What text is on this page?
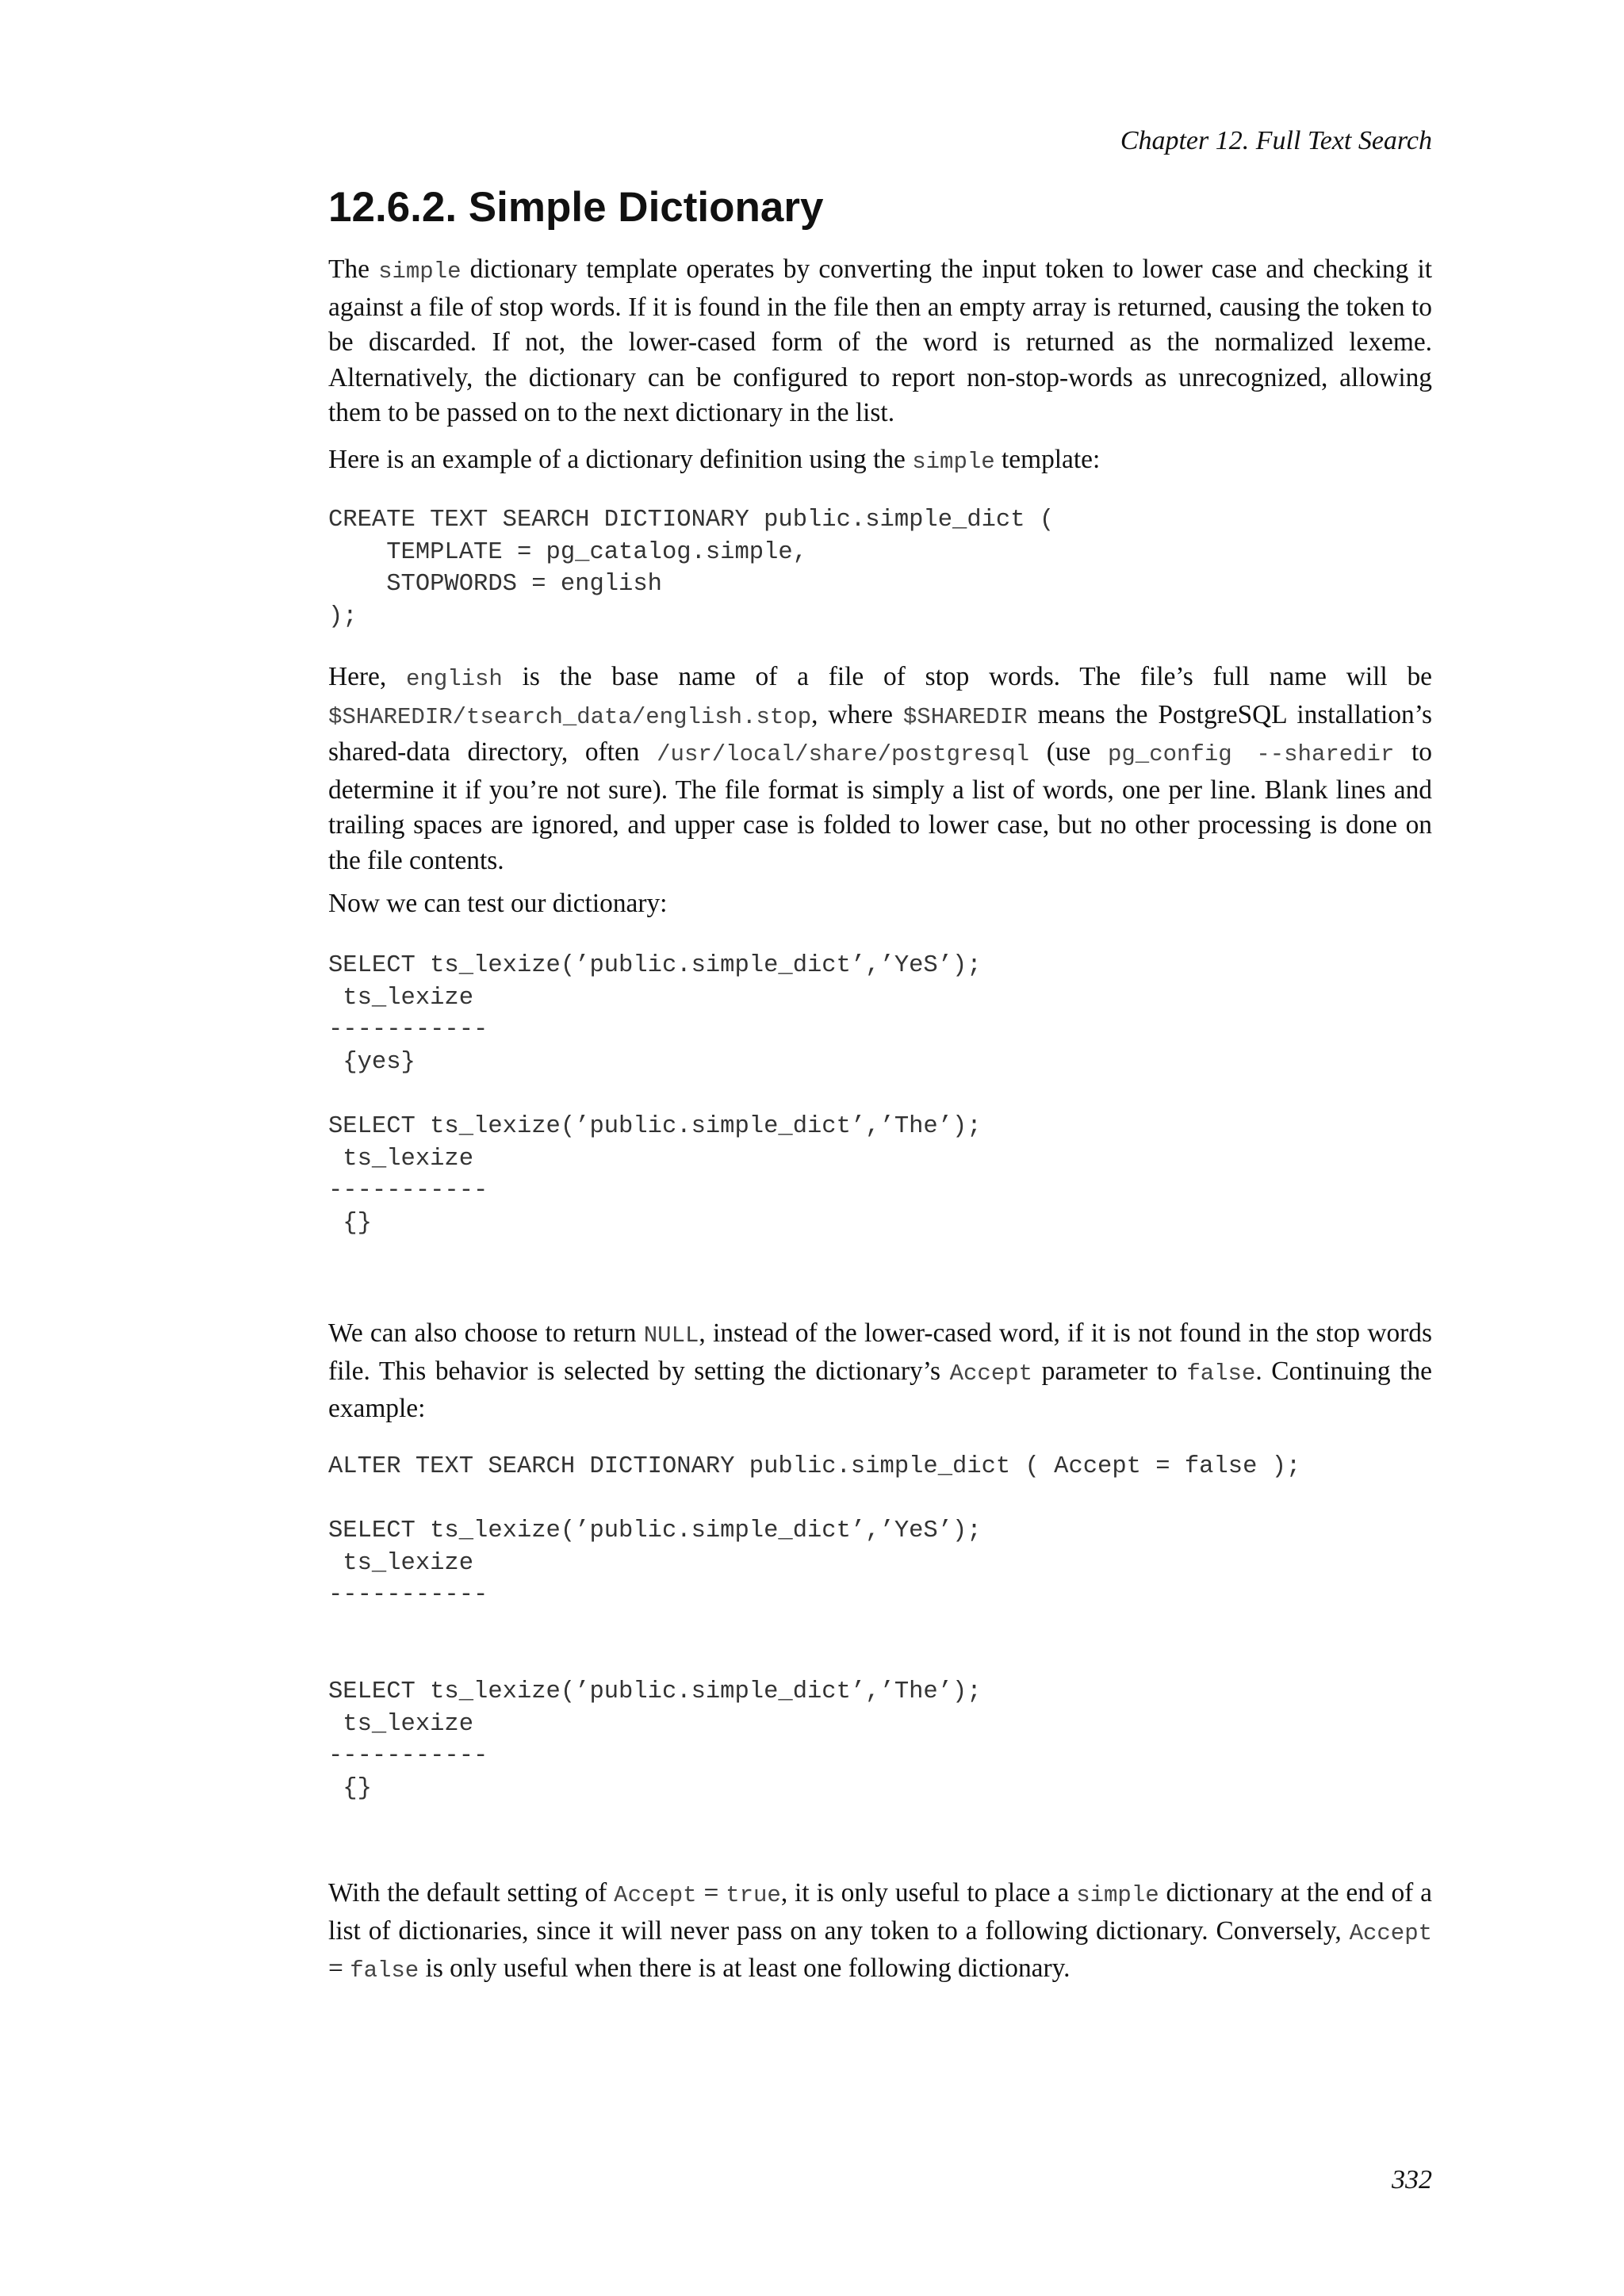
Chapter 12. Full Text Search
12.6.2. Simple Dictionary

The simple dictionary template operates by converting the input token to lower case and checking it against a file of stop words. If it is found in the file then an empty array is returned, causing the token to be discarded. If not, the lower-cased form of the word is returned as the normalized lexeme. Alternatively, the dictionary can be configured to report non-stop-words as unrecognized, allowing them to be passed on to the next dictionary in the list.

Here is an example of a dictionary definition using the simple template:

CREATE TEXT SEARCH DICTIONARY public.simple_dict (
TEMPLATE = pg_catalog.simple,
STOPWORDS = english
);

Here, english is the base name of a file of stop words. The file’s full name will be $SHAREDIR/tsearch_data/english.stop, where $SHAREDIR means the PostgreSQL installation’s shared-data directory, often /usr/local/share/postgresql (use pg_config --sharedir to determine it if you’re not sure). The file format is simply a list of words, one per line. Blank lines and trailing spaces are ignored, and upper case is folded to lower case, but no other processing is done on the file contents.

Now we can test our dictionary:

SELECT ts_lexize(’public.simple_dict’,’YeS’);
ts_lexize
-----------
{yes}

SELECT ts_lexize(’public.simple_dict’,’The’);
ts_lexize
-----------
{}

We can also choose to return NULL, instead of the lower-cased word, if it is not found in the stop words file. This behavior is selected by setting the dictionary’s Accept parameter to false. Continuing the example:

ALTER TEXT SEARCH DICTIONARY public.simple_dict ( Accept = false );

SELECT ts_lexize(’public.simple_dict’,’YeS’);
ts_lexize
-----------

SELECT ts_lexize(’public.simple_dict’,’The’);
ts_lexize
-----------
{}

With the default setting of Accept = true, it is only useful to place a simple dictionary at the end of a list of dictionaries, since it will never pass on any token to a following dictionary. Conversely, Accept = false is only useful when there is at least one following dictionary.

332
